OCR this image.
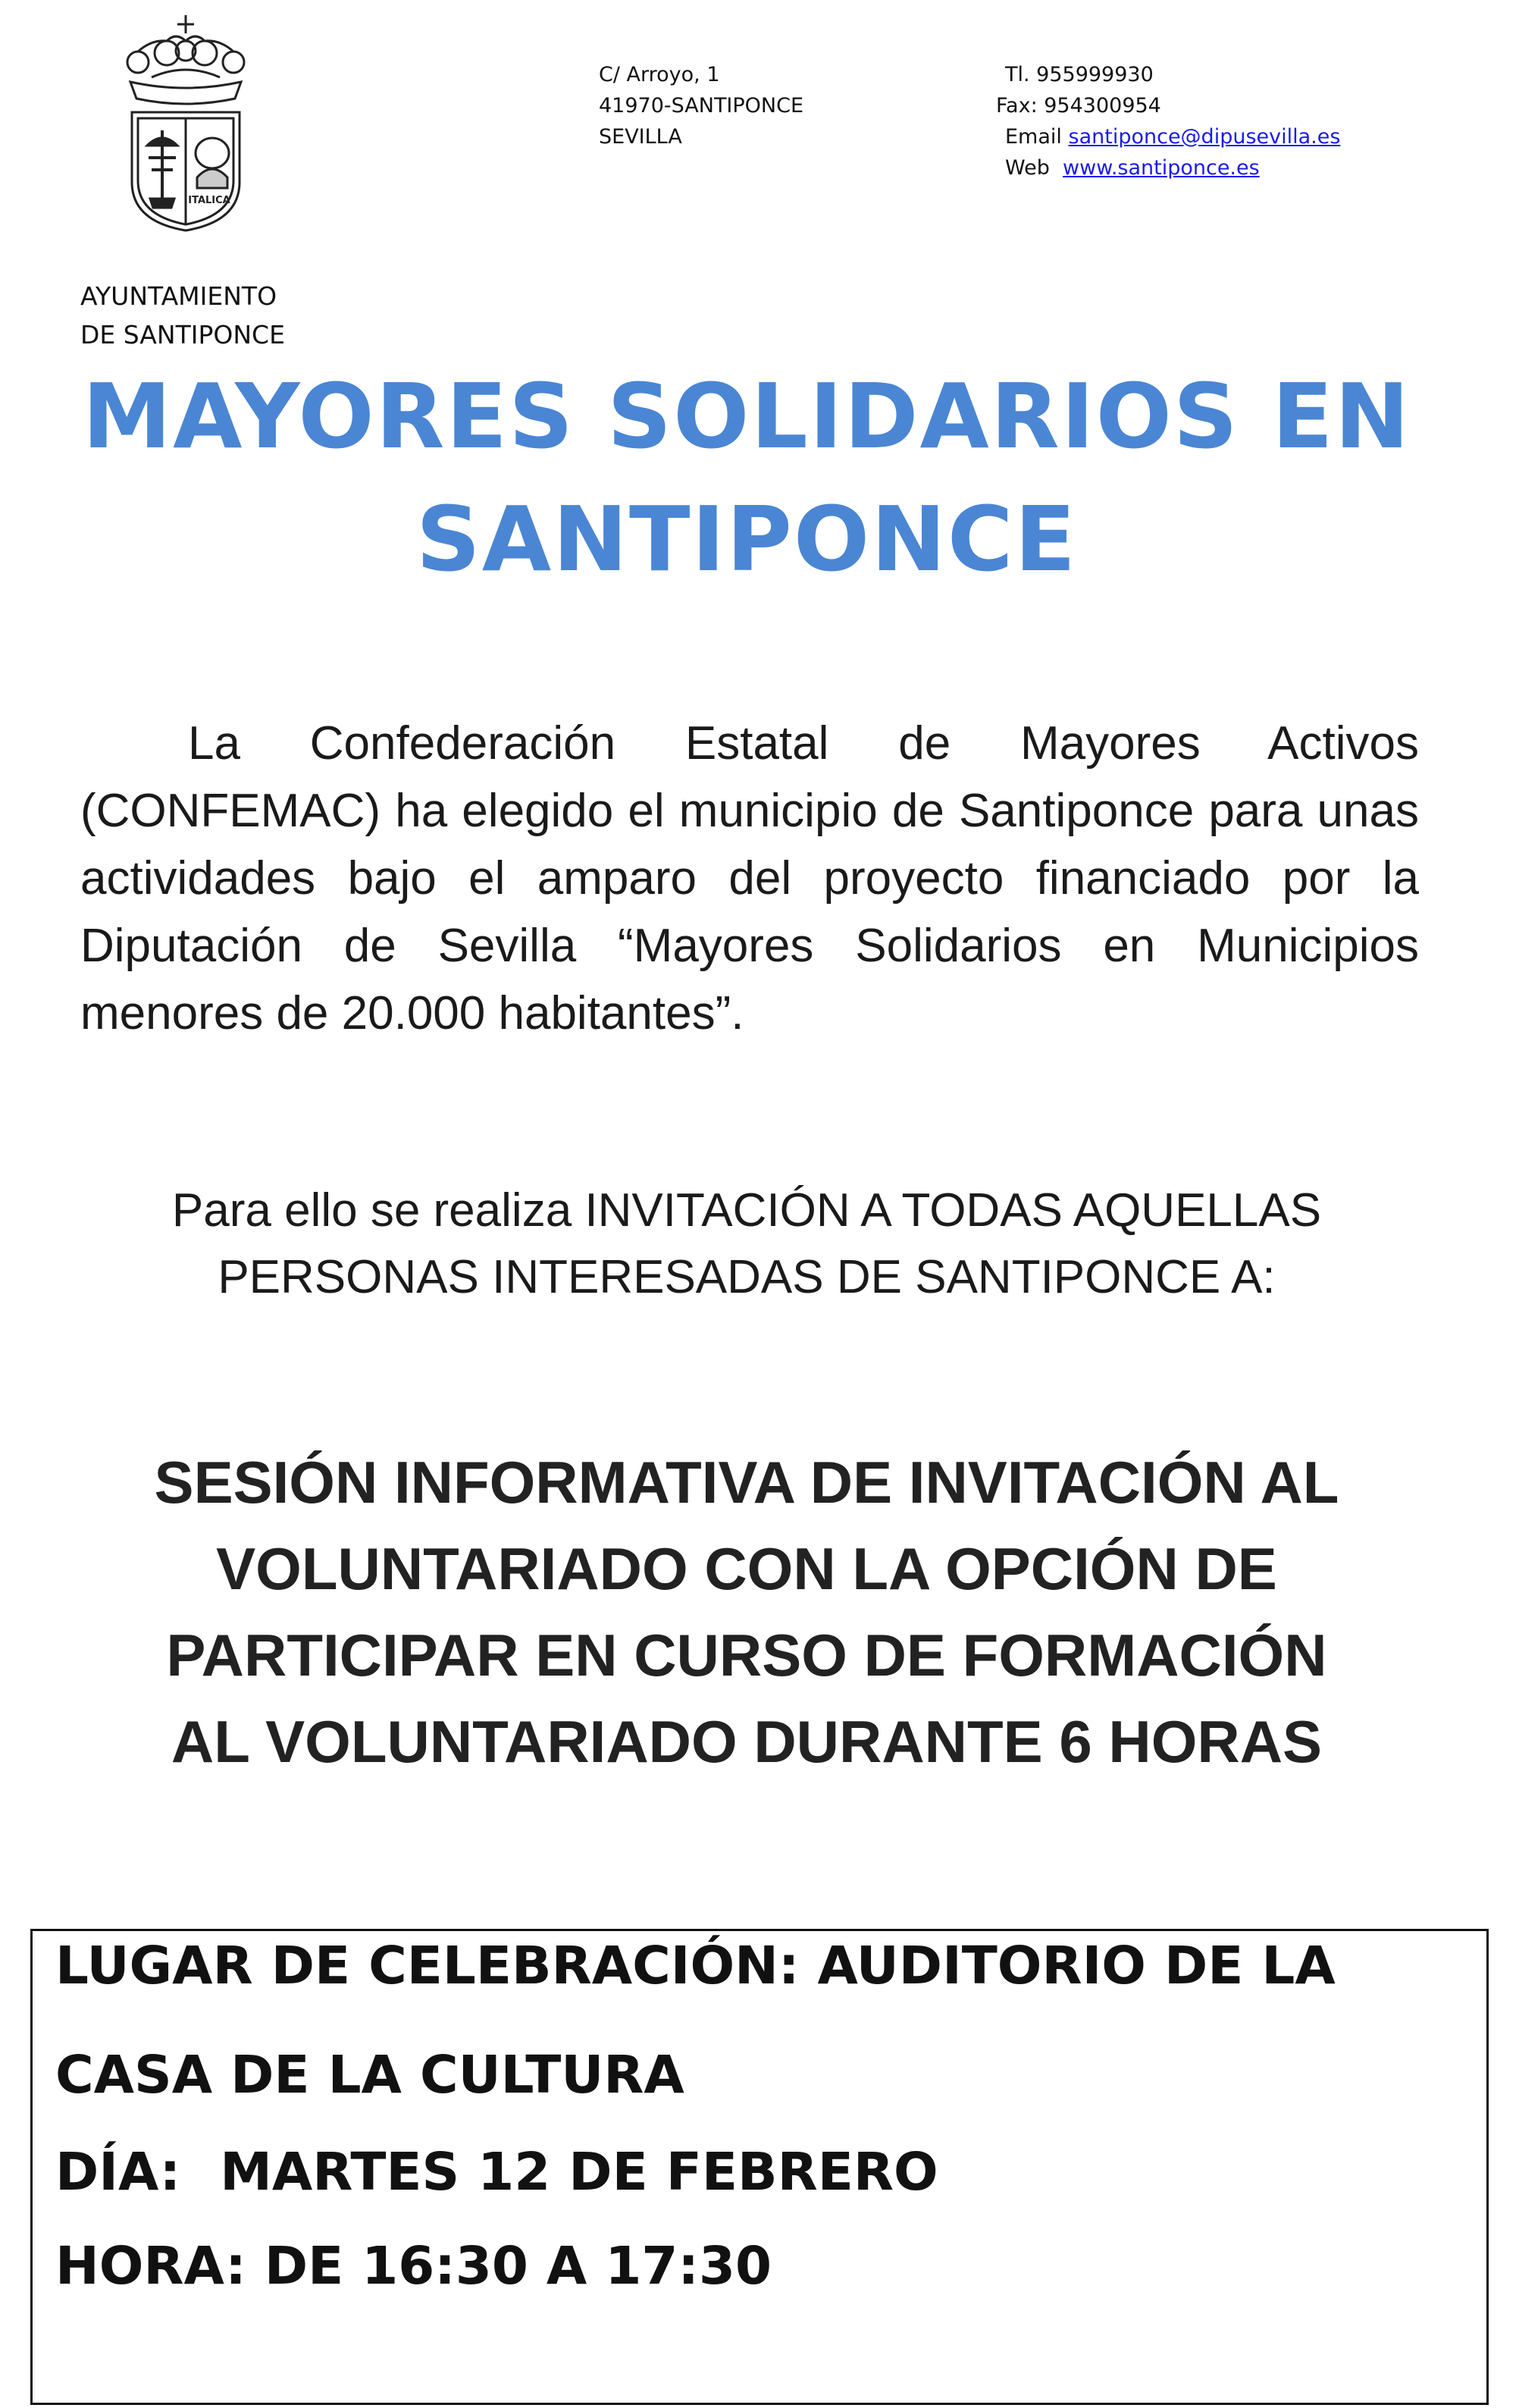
ITALICA
C/ Arroyo, 1
41970-SANTIPONCE
SEVILLA
Tl. 955999930
Fax: 954300954
Email santiponce@dipusevilla.es
Web www.santiponce.es
AYUNTAMIENTO
DE SANTIPONCE
MAYORES SOLIDARIOS EN
SANTIPONCE
La Confederación Estatal de Mayores Activos (CONFEMAC) ha elegido el municipio de Santiponce para unas actividades bajo el amparo del proyecto financiado por la Diputación de Sevilla “Mayores Solidarios en Municipios menores de 20.000 habitantes”.
Para ello se realiza INVITACIÓN A TODAS AQUELLAS
PERSONAS INTERESADAS DE SANTIPONCE A:
SESIÓN INFORMATIVA DE INVITACIÓN AL
VOLUNTARIADO CON LA OPCIÓN DE
PARTICIPAR EN CURSO DE FORMACIÓN
AL VOLUNTARIADO DURANTE 6 HORAS
LUGAR DE CELEBRACIÓN: AUDITORIO DE LA
CASA DE LA CULTURA
DÍA: MARTES 12 DE FEBRERO
HORA: DE 16:30 A 17:30
